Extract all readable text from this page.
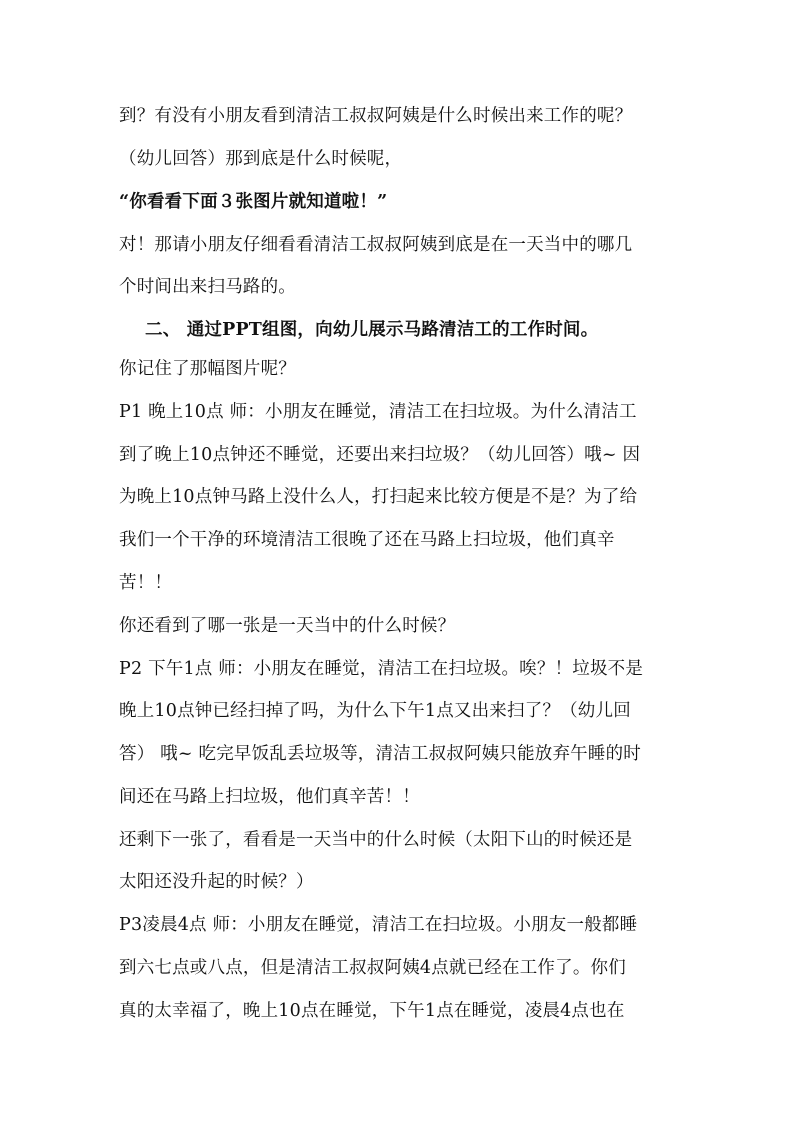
到？有没有小朋友看到清洁工叔叔阿姨是什么时候出来工作的呢？
（幼儿回答）那到底是什么时候呢，
“你看看下面３张图片就知道啦！”
对！那请小朋友仔细看看清洁工叔叔阿姨到底是在一天当中的哪几
个时间出来扫马路的。
二、 通过PPT组图，向幼儿展示马路清洁工的工作时间。
你记住了那幅图片呢？
P1 晚上10点 师：小朋友在睡觉，清洁工在扫垃圾。为什么清洁工
到了晚上10点钟还不睡觉，还要出来扫垃圾？（幼儿回答）哦~ 因
为晚上10点钟马路上没什么人，打扫起来比较方便是不是？为了给
我们一个干净的环境清洁工很晚了还在马路上扫垃圾，他们真辛
苦！！
你还看到了哪一张是一天当中的什么时候？
P2 下午1点 师：小朋友在睡觉，清洁工在扫垃圾。唉？！垃圾不是
晚上10点钟已经扫掉了吗，为什么下午1点又出来扫了？（幼儿回
答） 哦~ 吃完早饭乱丢垃圾等，清洁工叔叔阿姨只能放弃午睡的时
间还在马路上扫垃圾，他们真辛苦！！
还剩下一张了，看看是一天当中的什么时候（太阳下山的时候还是
太阳还没升起的时候？）
P3凌晨4点 师：小朋友在睡觉，清洁工在扫垃圾。小朋友一般都睡
到六七点或八点，但是清洁工叔叔阿姨4点就已经在工作了。你们
真的太幸福了，晚上10点在睡觉，下午1点在睡觉，凌晨4点也在
